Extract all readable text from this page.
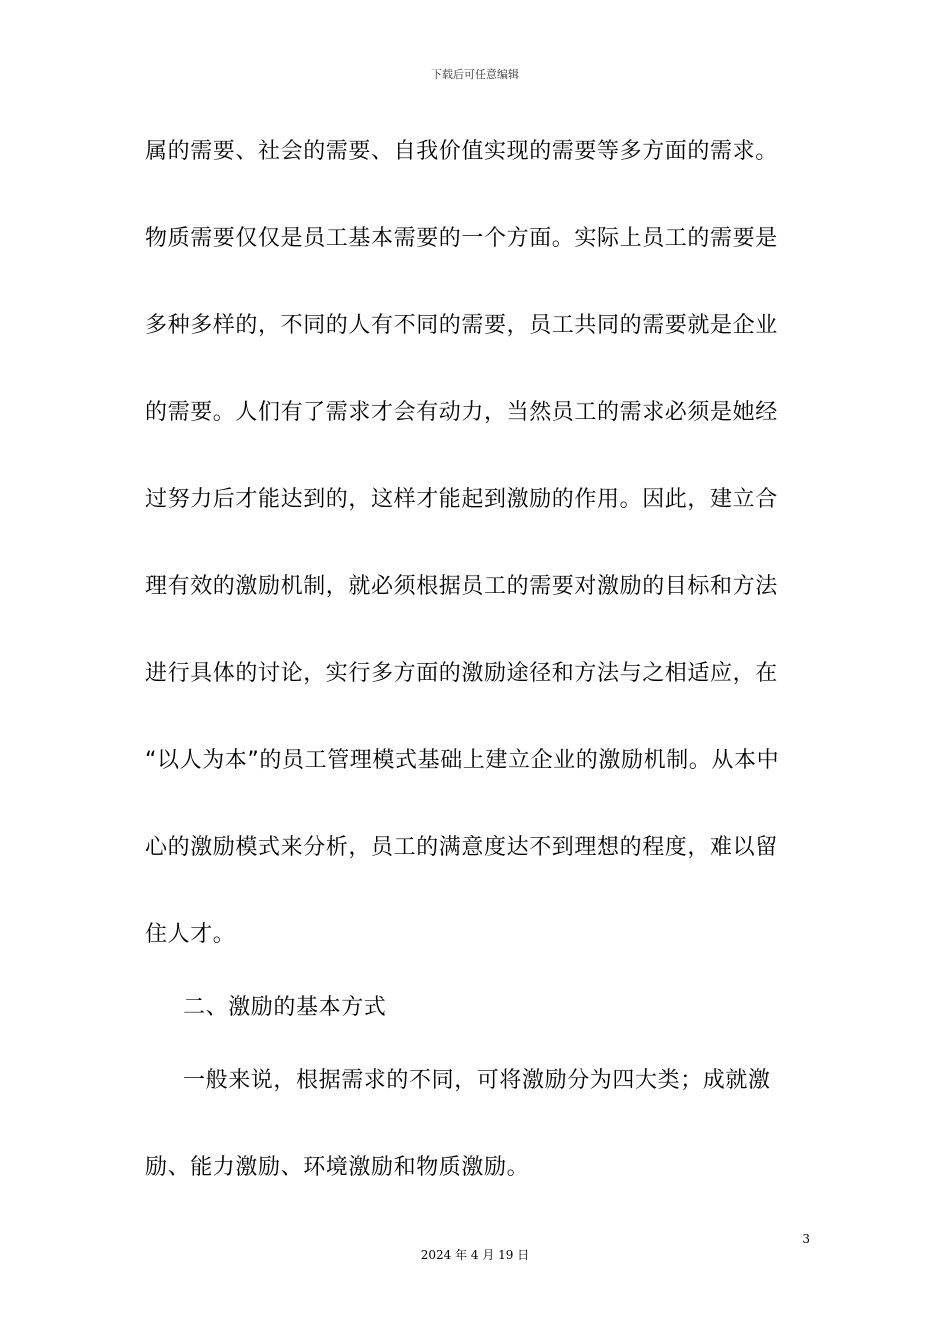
下载后可任意编辑
属的需要、社会的需要、自我价值实现的需要等多方面的需求。
物质需要仅仅是员工基本需要的一个方面。实际上员工的需要是
多种多样的，不同的人有不同的需要，员工共同的需要就是企业
的需要。人们有了需求才会有动力，当然员工的需求必须是她经
过努力后才能达到的，这样才能起到激励的作用。因此，建立合
理有效的激励机制，就必须根据员工的需要对激励的目标和方法
进行具体的讨论，实行多方面的激励途径和方法与之相适应，在
“以人为本”的员工管理模式基础上建立企业的激励机制。从本中
心的激励模式来分析，员工的满意度达不到理想的程度，难以留
住人才。
二、激励的基本方式
一般来说，根据需求的不同，可将激励分为四大类；成就激
励、能力激励、环境激励和物质激励。
3
2024 年 4 月 19 日
